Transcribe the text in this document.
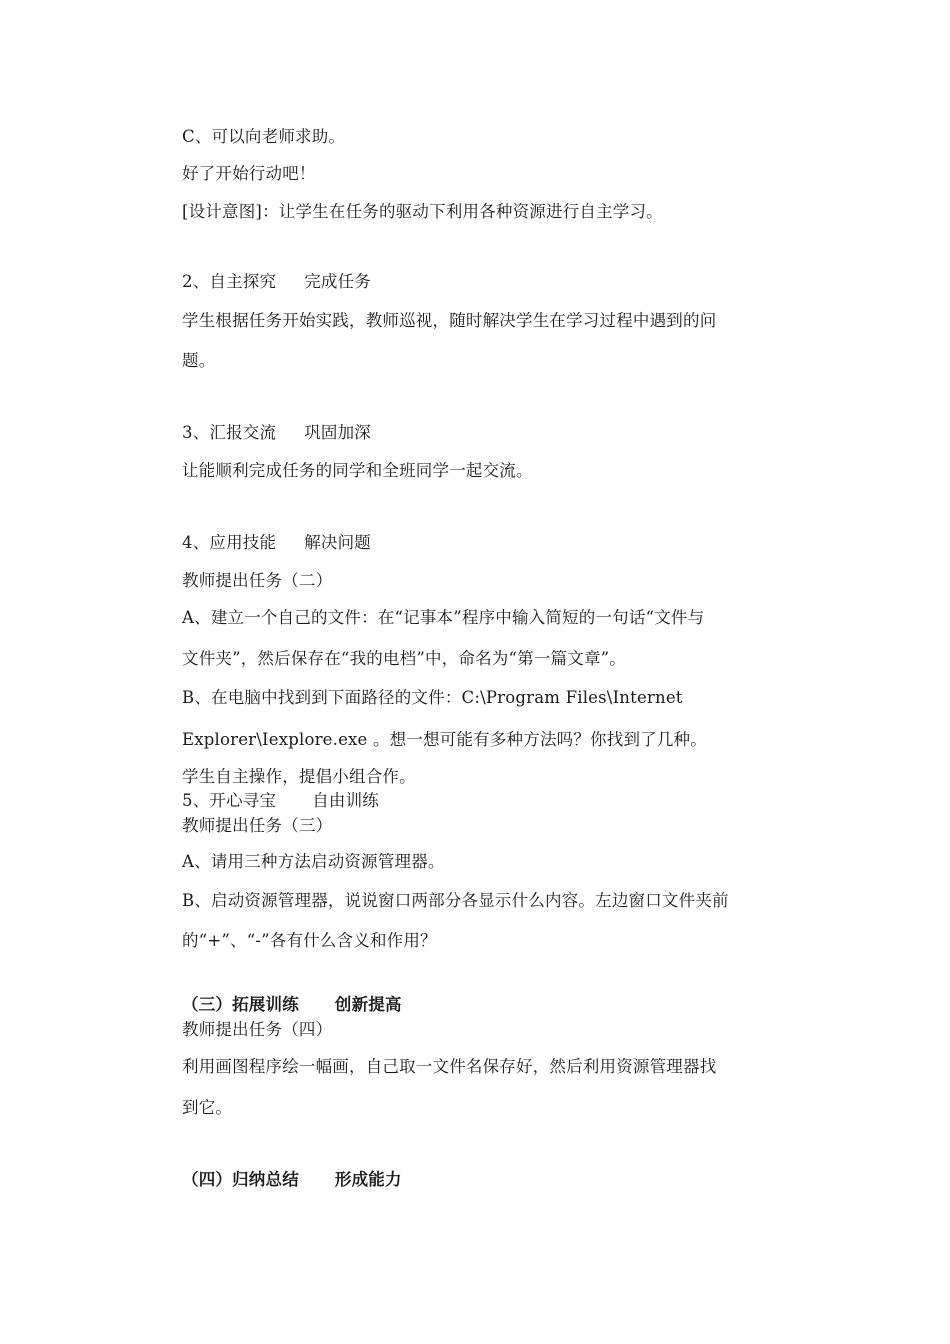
C、可以向老师求助。
好了开始行动吧！
[设计意图]：让学生在任务的驱动下利用各种资源进行自主学习。
2、自主探究 完成任务
学生根据任务开始实践，教师巡视，随时解决学生在学习过程中遇到的问
题。
3、汇报交流 巩固加深
让能顺利完成任务的同学和全班同学一起交流。
4、应用技能 解决问题
教师提出任务（二）
A、建立一个自己的文件：在“记事本”程序中输入简短的一句话“文件与
文件夹”，然后保存在“我的电档”中，命名为“第一篇文章”。
B、在电脑中找到到下面路径的文件：C:\Program Files\Internet
Explorer\Iexplore.exe 。想一想可能有多种方法吗？你找到了几种。
学生自主操作，提倡小组合作。
5、开心寻宝 自由训练
教师提出任务（三）
A、请用三种方法启动资源管理器。
B、启动资源管理器，说说窗口两部分各显示什么内容。左边窗口文件夹前
的“+”、“-”各有什么含义和作用？
（三）拓展训练 创新提高
教师提出任务（四）
利用画图程序绘一幅画，自己取一文件名保存好，然后利用资源管理器找
到它。
（四）归纳总结 形成能力
